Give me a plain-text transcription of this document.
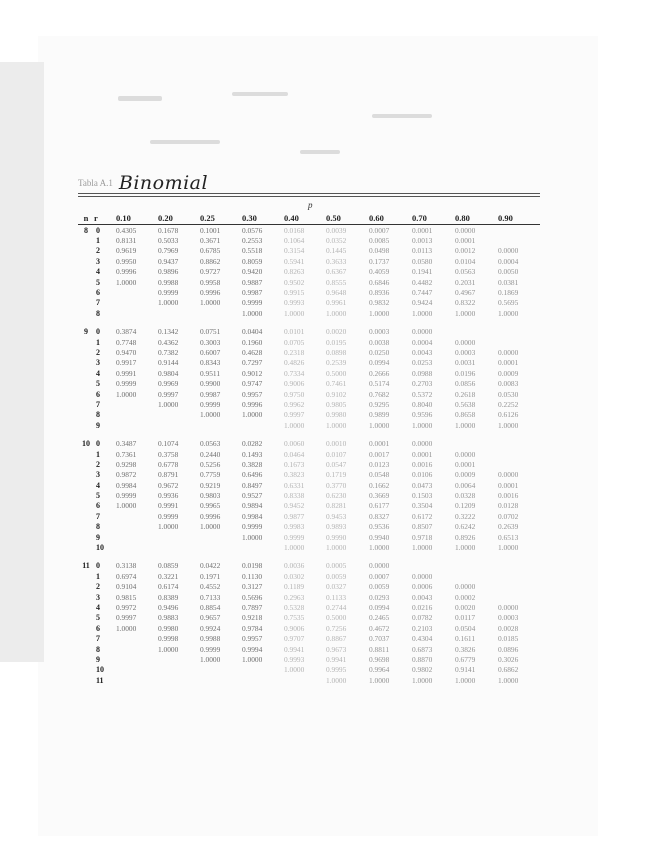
Tabla A.1 Binomial
p
n	r	0.10	0.20	0.25	0.30	0.40	0.50	0.60	0.70	0.80	0.90
8	0	0.4305	0.1678	0.1001	0.0576	0.0168	0.0039	0.0007	0.0001	0.0000	
	1	0.8131	0.5033	0.3671	0.2553	0.1064	0.0352	0.0085	0.0013	0.0001	
	2	0.9619	0.7969	0.6785	0.5518	0.3154	0.1445	0.0498	0.0113	0.0012	0.0000
	3	0.9950	0.9437	0.8862	0.8059	0.5941	0.3633	0.1737	0.0580	0.0104	0.0004
	4	0.9996	0.9896	0.9727	0.9420	0.8263	0.6367	0.4059	0.1941	0.0563	0.0050
	5	1.0000	0.9988	0.9958	0.9887	0.9502	0.8555	0.6846	0.4482	0.2031	0.0381
	6		0.9999	0.9996	0.9987	0.9915	0.9648	0.8936	0.7447	0.4967	0.1869
	7		1.0000	1.0000	0.9999	0.9993	0.9961	0.9832	0.9424	0.8322	0.5695
	8				1.0000	1.0000	1.0000	1.0000	1.0000	1.0000	1.0000

9	0	0.3874	0.1342	0.0751	0.0404	0.0101	0.0020	0.0003	0.0000		
	1	0.7748	0.4362	0.3003	0.1960	0.0705	0.0195	0.0038	0.0004	0.0000	
	2	0.9470	0.7382	0.6007	0.4628	0.2318	0.0898	0.0250	0.0043	0.0003	0.0000
	3	0.9917	0.9144	0.8343	0.7297	0.4826	0.2539	0.0994	0.0253	0.0031	0.0001
	4	0.9991	0.9804	0.9511	0.9012	0.7334	0.5000	0.2666	0.0988	0.0196	0.0009
	5	0.9999	0.9969	0.9900	0.9747	0.9006	0.7461	0.5174	0.2703	0.0856	0.0083
	6	1.0000	0.9997	0.9987	0.9957	0.9750	0.9102	0.7682	0.5372	0.2618	0.0530
	7		1.0000	0.9999	0.9996	0.9962	0.9805	0.9295	0.8040	0.5638	0.2252
	8			1.0000	1.0000	0.9997	0.9980	0.9899	0.9596	0.8658	0.6126
	9					1.0000	1.0000	1.0000	1.0000	1.0000	1.0000

10	0	0.3487	0.1074	0.0563	0.0282	0.0060	0.0010	0.0001	0.0000		
	1	0.7361	0.3758	0.2440	0.1493	0.0464	0.0107	0.0017	0.0001	0.0000	
	2	0.9298	0.6778	0.5256	0.3828	0.1673	0.0547	0.0123	0.0016	0.0001	
	3	0.9872	0.8791	0.7759	0.6496	0.3823	0.1719	0.0548	0.0106	0.0009	0.0000
	4	0.9984	0.9672	0.9219	0.8497	0.6331	0.3770	0.1662	0.0473	0.0064	0.0001
	5	0.9999	0.9936	0.9803	0.9527	0.8338	0.6230	0.3669	0.1503	0.0328	0.0016
	6	1.0000	0.9991	0.9965	0.9894	0.9452	0.8281	0.6177	0.3504	0.1209	0.0128
	7		0.9999	0.9996	0.9984	0.9877	0.9453	0.8327	0.6172	0.3222	0.0702
	8		1.0000	1.0000	0.9999	0.9983	0.9893	0.9536	0.8507	0.6242	0.2639
	9				1.0000	0.9999	0.9990	0.9940	0.9718	0.8926	0.6513
	10					1.0000	1.0000	1.0000	1.0000	1.0000	1.0000

11	0	0.3138	0.0859	0.0422	0.0198	0.0036	0.0005	0.0000			
	1	0.6974	0.3221	0.1971	0.1130	0.0302	0.0059	0.0007	0.0000		
	2	0.9104	0.6174	0.4552	0.3127	0.1189	0.0327	0.0059	0.0006	0.0000	
	3	0.9815	0.8389	0.7133	0.5696	0.2963	0.1133	0.0293	0.0043	0.0002	
	4	0.9972	0.9496	0.8854	0.7897	0.5328	0.2744	0.0994	0.0216	0.0020	0.0000
	5	0.9997	0.9883	0.9657	0.9218	0.7535	0.5000	0.2465	0.0782	0.0117	0.0003
	6	1.0000	0.9980	0.9924	0.9784	0.9006	0.7256	0.4672	0.2103	0.0504	0.0028
	7		0.9998	0.9988	0.9957	0.9707	0.8867	0.7037	0.4304	0.1611	0.0185
	8		1.0000	0.9999	0.9994	0.9941	0.9673	0.8811	0.6873	0.3826	0.0896
	9			1.0000	1.0000	0.9993	0.9941	0.9698	0.8870	0.6779	0.3026
	10					1.0000	0.9995	0.9964	0.9802	0.9141	0.6862
	11						1.0000	1.0000	1.0000	1.0000	1.0000
